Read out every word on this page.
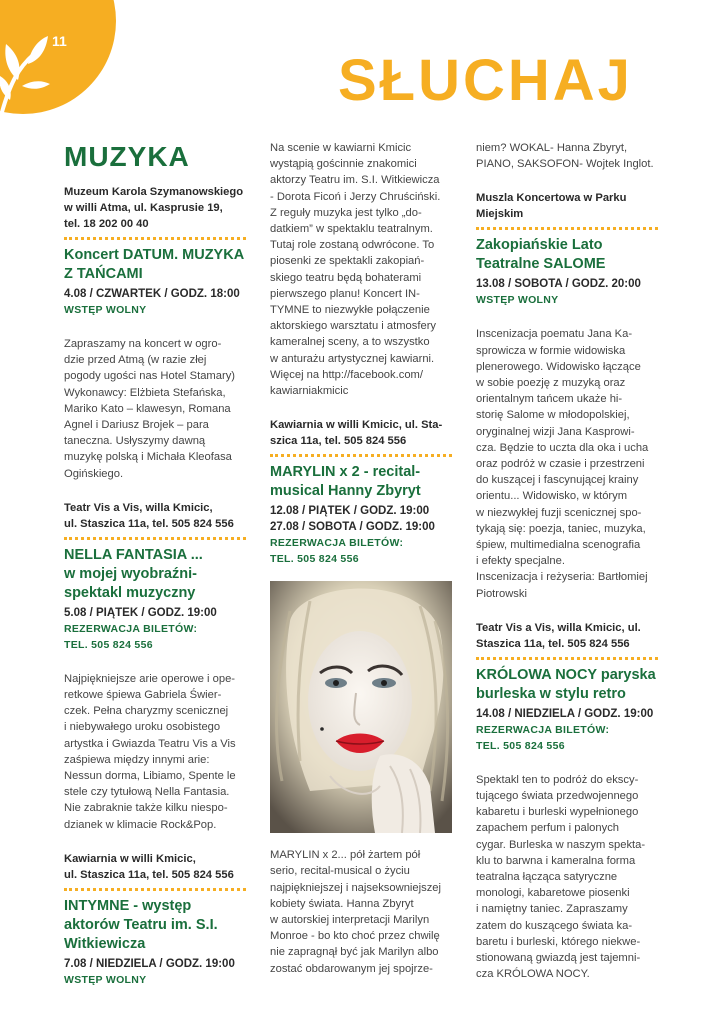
11
SŁUCHAJ
MUZYKA
Muzeum Karola Szymanowskiego
w willi Atma, ul. Kasprusie 19,
tel. 18 202 00 40
Koncert DATUM. MUZYKA
Z TAŃCAMI
4.08 / CZWARTEK / GODZ. 18:00
WSTĘP WOLNY
Zapraszamy na koncert w ogro-
dzie przed Atmą (w razie złej
pogody ugości nas Hotel Stamary)
Wykonawcy: Elżbieta Stefańska,
Mariko Kato – klawesyn, Romana
Agnel i Dariusz Brojek – para
taneczna. Usłyszymy dawną
muzykę polską i Michała Kleofasa
Ogińskiego.
Teatr Vis a Vis, willa Kmicic,
ul. Staszica 11a, tel. 505 824 556
NELLA FANTASIA ...
w mojej wyobraźni-
spektakl muzyczny
5.08 / PIĄTEK / GODZ. 19:00
REZERWACJA BILETÓW:
TEL. 505 824 556
Najpiękniejsze arie operowe i ope-
retkowe śpiewa Gabriela Świer-
czek. Pełna charyzmy scenicznej
i niebywałego uroku osobistego
artystka i Gwiazda Teatru Vis a Vis
zaśpiewa między innymi arie:
Nessun dorma, Libiamo, Spente le
stele czy tytułową Nella Fantasia.
Nie zabraknie także kilku niespo-
dzianek w klimacie Rock&Pop.
Kawiarnia w willi Kmicic,
ul. Staszica 11a, tel. 505 824 556
INTYMNE - występ
aktorów Teatru im. S.I.
Witkiewicza
7.08 / NIEDZIELA / GODZ. 19:00
WSTĘP WOLNY
Na scenie w kawiarni Kmicic
wystąpią gościnnie znakomici
aktorzy Teatru im. S.I. Witkiewicza
- Dorota Ficoń i Jerzy Chruściński.
Z reguły muzyka jest tylko „do-
datkiem” w spektaklu teatralnym.
Tutaj role zostaną odwrócone. To
piosenki ze spektakli zakopiań-
skiego teatru będą bohaterami
pierwszego planu! Koncert IN-
TYMNE to niezwykłe połączenie
aktorskiego warsztatu i atmosfery
kameralnej sceny, a to wszystko
w anturażu artystycznej kawiarni.
Więcej na http://facebook.com/
kawiarniakmicic
Kawiarnia w willi Kmicic, ul. Sta-
szica 11a, tel. 505 824 556
MARYLIN x 2 - recital-
musical Hanny Zbyryt
12.08 / PIĄTEK / GODZ. 19:00
27.08 / SOBOTA / GODZ. 19:00
REZERWACJA BILETÓW:
TEL. 505 824 556
MARYLIN x 2... pół żartem pół
serio, recital-musical o życiu
najpiękniejszej i najseksowniejszej
kobiety świata. Hanna Zbyryt
w autorskiej interpretacji Marilyn
Monroe - bo kto choć przez chwilę
nie zapragnął być jak Marilyn albo
zostać obdarowanym jej spojrze-
niem? WOKAL- Hanna Zbyryt,
PIANO, SAKSOFON- Wojtek Inglot.
Muszla Koncertowa w Parku
Miejskim
Zakopiańskie Lato
Teatralne SALOME
13.08 / SOBOTA / GODZ. 20:00
WSTĘP WOLNY
Inscenizacja poematu Jana Ka-
sprowicza w formie widowiska
plenerowego. Widowisko łączące
w sobie poezję z muzyką oraz
orientalnym tańcem ukaże hi-
storię Salome w młodopolskiej,
oryginalnej wizji Jana Kasprowi-
cza. Będzie to uczta dla oka i ucha
oraz podróż w czasie i przestrzeni
do kuszącej i fascynującej krainy
orientu... Widowisko, w którym
w niezwykłej fuzji scenicznej spo-
tykają się: poezja, taniec, muzyka,
śpiew, multimedialna scenografia
i efekty specjalne.
Inscenizacja i reżyseria: Bartłomiej
Piotrowski
Teatr Vis a Vis, willa Kmicic, ul.
Staszica 11a, tel. 505 824 556
KRÓLOWA NOCY paryska
burleska w stylu retro
14.08 / NIEDZIELA / GODZ. 19:00
REZERWACJA BILETÓW:
TEL. 505 824 556
Spektakl ten to podróż do ekscy-
tującego świata przedwojennego
kabaretu i burleski wypełnionego
zapachem perfum i palonych
cygar. Burleska w naszym spekta-
klu to barwna i kameralna forma
teatralna łącząca satyryczne
monologi, kabaretowe piosenki
i namiętny taniec. Zapraszamy
zatem do kuszącego świata ka-
baretu i burleski, którego niekwe-
stionowaną gwiazdą jest tajemni-
cza KRÓLOWA NOCY.
